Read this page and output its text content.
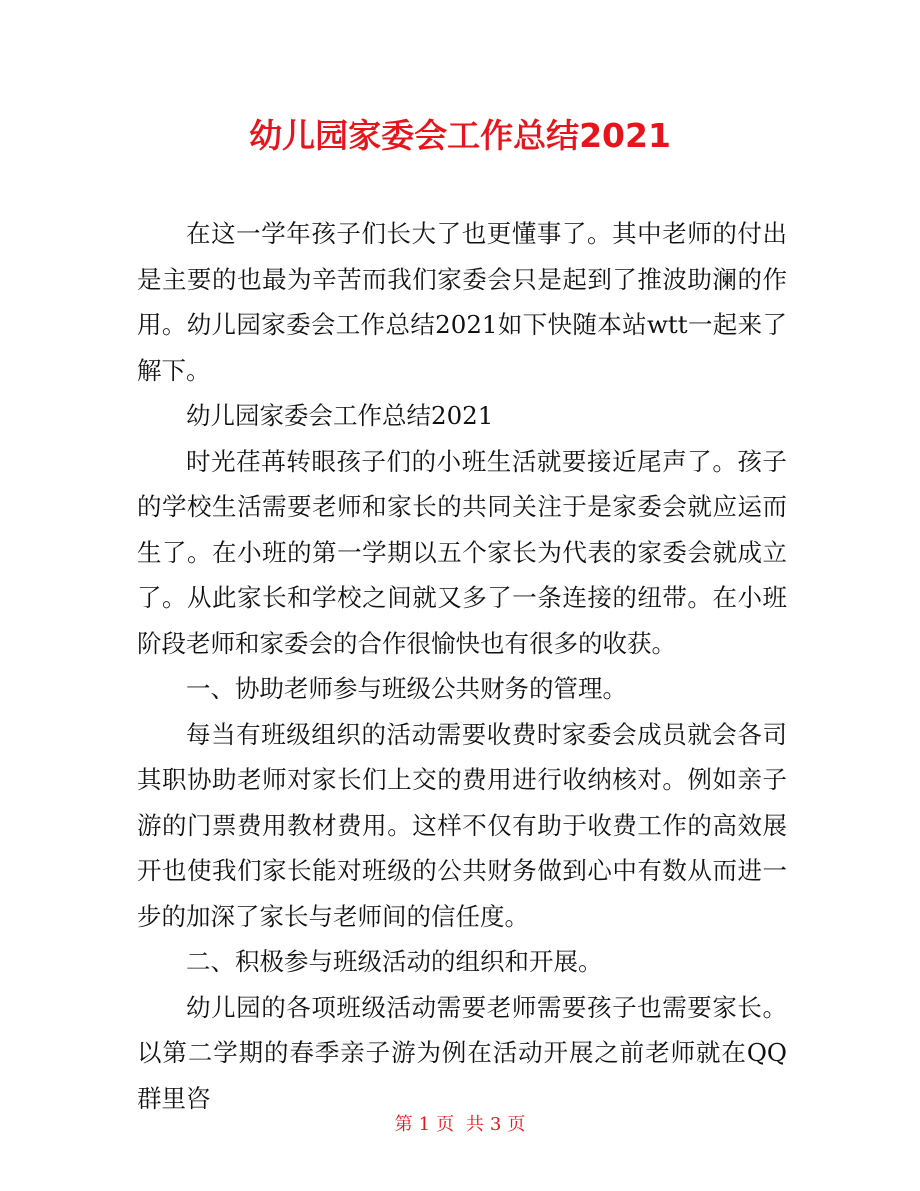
幼儿园家委会工作总结2021

在这一学年孩子们长大了也更懂事了。其中老师的付出是主要的也最为辛苦而我们家委会只是起到了推波助澜的作用。幼儿园家委会工作总结2021如下快随本站wtt一起来了解下。

幼儿园家委会工作总结2021

时光荏苒转眼孩子们的小班生活就要接近尾声了。孩子的学校生活需要老师和家长的共同关注于是家委会就应运而生了。在小班的第一学期以五个家长为代表的家委会就成立了。从此家长和学校之间就又多了一条连接的纽带。在小班阶段老师和家委会的合作很愉快也有很多的收获。

一、协助老师参与班级公共财务的管理。

每当有班级组织的活动需要收费时家委会成员就会各司其职协助老师对家长们上交的费用进行收纳核对。例如亲子游的门票费用教材费用。这样不仅有助于收费工作的高效展开也使我们家长能对班级的公共财务做到心中有数从而进一步的加深了家长与老师间的信任度。

二、积极参与班级活动的组织和开展。

幼儿园的各项班级活动需要老师需要孩子也需要家长。以第二学期的春季亲子游为例在活动开展之前老师就在QQ群里咨

第 1 页 共 3 页
